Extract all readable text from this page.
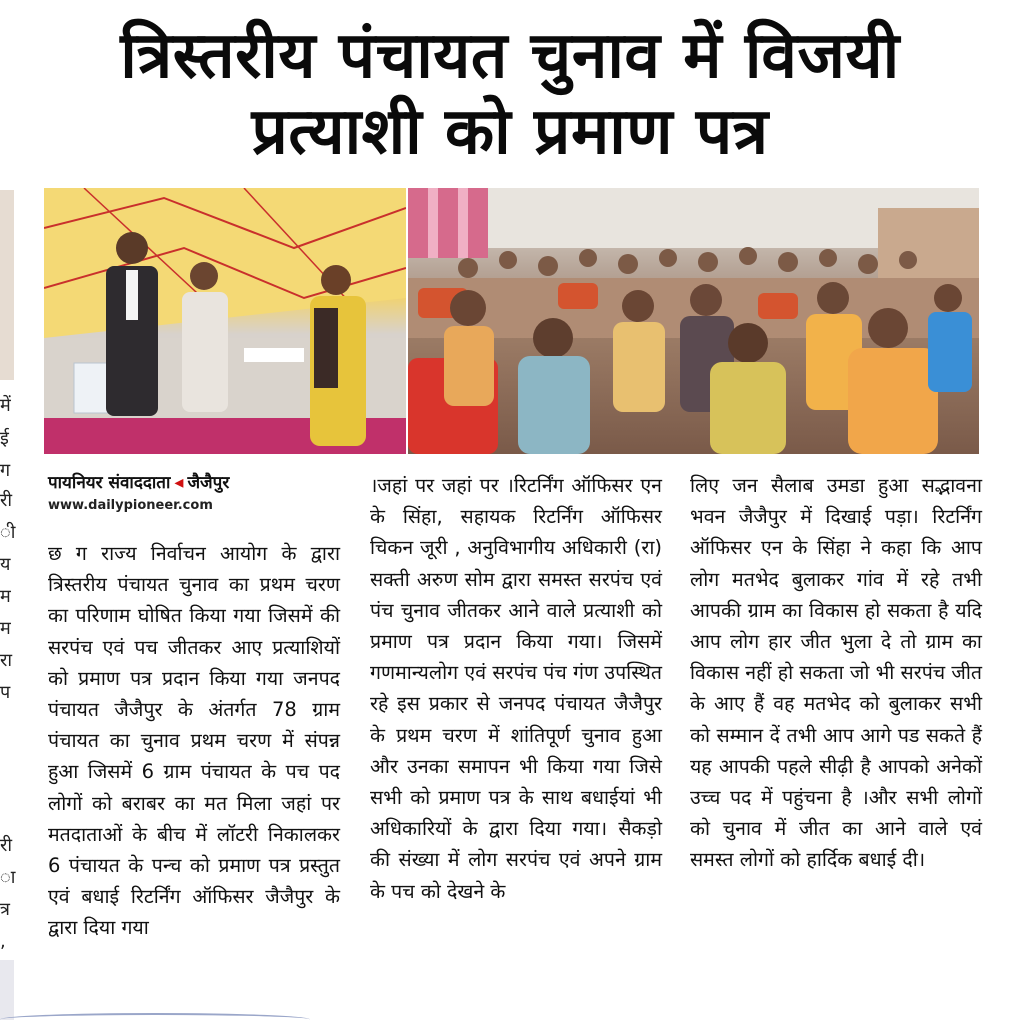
त्रिस्तरीय पंचायत चुनाव में विजयी
प्रत्याशी को प्रमाण पत्र
में
ई
ग
री
ी
य
म
म
रा
प
री
ा
त्र
,
पायनियर संवाददाता ◂ जैजैपुर
www.dailypioneer.com
छ ग राज्य निर्वाचन आयोग के द्वारा त्रिस्तरीय पंचायत चुनाव का प्रथम चरण का परिणाम घोषित किया गया जिसमें की सरपंच एवं पच जीतकर आए प्रत्याशियों को प्रमाण पत्र प्रदान किया गया जनपद पंचायत जैजैपुर के अंतर्गत 78 ग्राम पंचायत का चुनाव प्रथम चरण में संपन्न हुआ जिसमें 6 ग्राम पंचायत के पच पद लोगों को बराबर का मत मिला जहां पर मतदाताओं के बीच में लॉटरी निकालकर 6 पंचायत के पन्च को प्रमाण पत्र प्रस्तुत एवं बधाई रिटर्निंग ऑफिसर जैजैपुर के द्वारा दिया गया
।जहां पर जहां पर ।रिटर्निंग ऑफिसर एन के सिंहा, सहायक रिटर्निंग ऑफिसर चिकन जूरी , अनुविभागीय अधिकारी (रा) सक्ती अरुण सोम द्वारा समस्त सरपंच एवं पंच चुनाव जीतकर आने वाले प्रत्याशी को प्रमाण पत्र प्रदान किया गया। जिसमें गणमान्यलोग एवं सरपंच पंच गंण उपस्थित रहे इस प्रकार से जनपद पंचायत जैजैपुर के प्रथम चरण में शांतिपूर्ण चुनाव हुआ और उनका समापन भी किया गया जिसे सभी को प्रमाण पत्र के साथ बधाईयां भी अधिकारियों के द्वारा दिया गया। सैकड़ो की संख्या में लोग सरपंच एवं अपने ग्राम के पच को देखने के
लिए जन सैलाब उमडा हुआ सद्भावना भवन जैजैपुर में दिखाई पड़ा। रिटर्निंग ऑफिसर एन के सिंहा ने कहा कि आप लोग मतभेद बुलाकर गांव में रहे तभी आपकी ग्राम का विकास हो सकता है यदि आप लोग हार जीत भुला दे तो ग्राम का विकास नहीं हो सकता जो भी सरपंच जीत के आए हैं वह मतभेद को बुलाकर सभी को सम्मान दें तभी आप आगे पड सकते हैं यह आपकी पहले सीढ़ी है आपको अनेकों उच्च पद में पहुंचना है ।और सभी लोगों को चुनाव में जीत का आने वाले एवं समस्त लोगों को हार्दिक बधाई दी।
